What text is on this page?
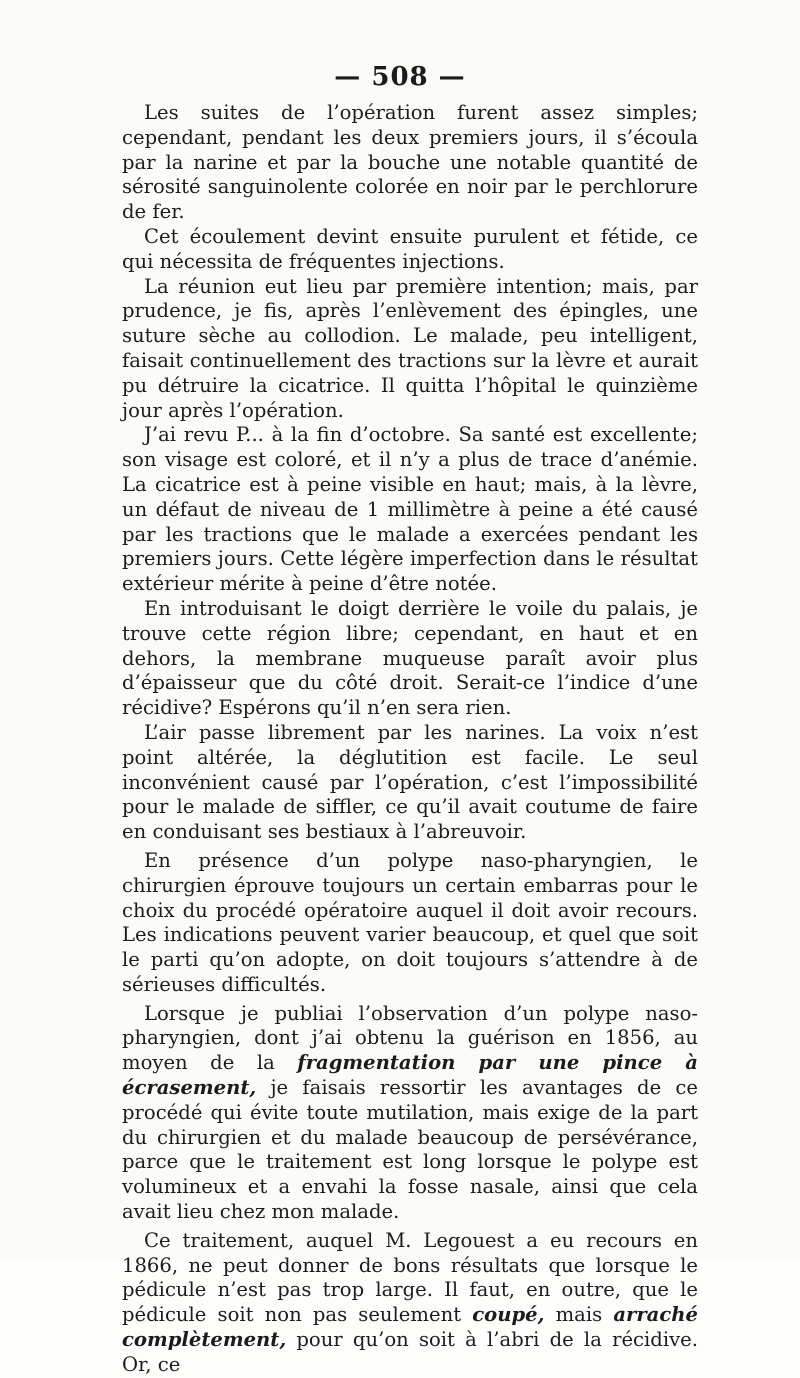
— 508 —

Les suites de l’opération furent assez simples; cependant, pendant les deux premiers jours, il s’écoula par la narine et par la bouche une notable quantité de sérosité sanguinolente colorée en noir par le perchlorure de fer.

Cet écoulement devint ensuite purulent et fétide, ce qui nécessita de fréquentes injections.

La réunion eut lieu par première intention; mais, par prudence, je fis, après l’enlèvement des épingles, une suture sèche au collodion. Le malade, peu intelligent, faisait continuellement des tractions sur la lèvre et aurait pu détruire la cicatrice. Il quitta l’hôpital le quinzième jour après l’opération.

J’ai revu P... à la fin d’octobre. Sa santé est excellente; son visage est coloré, et il n’y a plus de trace d’anémie. La cicatrice est à peine visible en haut; mais, à la lèvre, un défaut de niveau de 1 millimètre à peine a été causé par les tractions que le malade a exercées pendant les premiers jours. Cette légère imperfection dans le résultat extérieur mérite à peine d’être notée.

En introduisant le doigt derrière le voile du palais, je trouve cette région libre; cependant, en haut et en dehors, la membrane muqueuse paraît avoir plus d’épaisseur que du côté droit. Serait-ce l’indice d’une récidive? Espérons qu’il n’en sera rien.

L’air passe librement par les narines. La voix n’est point altérée, la déglutition est facile. Le seul inconvénient causé par l’opération, c’est l’impossibilité pour le malade de siffler, ce qu’il avait coutume de faire en conduisant ses bestiaux à l’abreuvoir.

En présence d’un polype naso-pharyngien, le chirurgien éprouve toujours un certain embarras pour le choix du procédé opératoire auquel il doit avoir recours. Les indications peuvent varier beaucoup, et quel que soit le parti qu’on adopte, on doit toujours s’attendre à de sérieuses difficultés.

Lorsque je publiai l’observation d’un polype naso-pharyngien, dont j’ai obtenu la guérison en 1856, au moyen de la fragmentation par une pince à écrasement, je faisais ressortir les avantages de ce procédé qui évite toute mutilation, mais exige de la part du chirurgien et du malade beaucoup de persévérance, parce que le traitement est long lorsque le polype est volumineux et a envahi la fosse nasale, ainsi que cela avait lieu chez mon malade.

Ce traitement, auquel M. Legouest a eu recours en 1866, ne peut donner de bons résultats que lorsque le pédicule n’est pas trop large. Il faut, en outre, que le pédicule soit non pas seulement coupé, mais arraché complètement, pour qu’on soit à l’abri de la récidive. Or, ce
